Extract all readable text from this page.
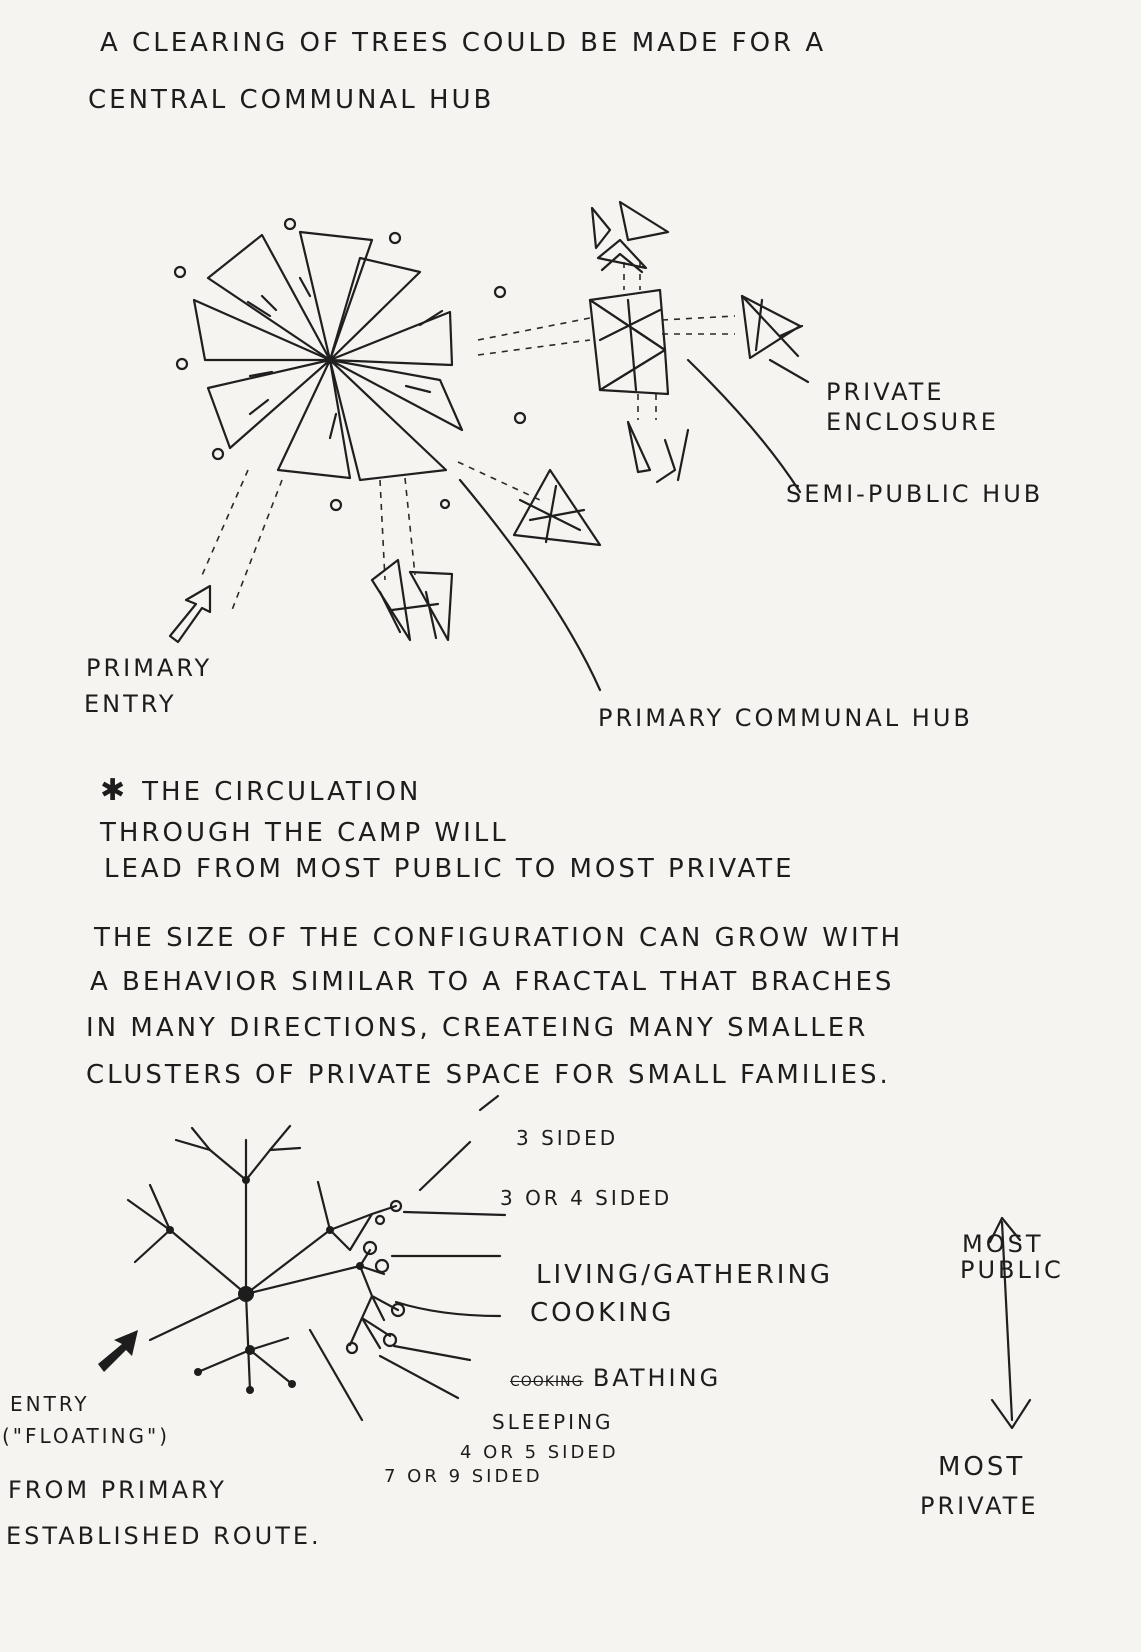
A CLEARING OF TREES COULD BE MADE FOR A
CENTRAL COMMUNAL HUB
PRIVATE
ENCLOSURE
SEMI-PUBLIC HUB
PRIMARY
ENTRY	PRIMARY COMMUNAL HUB
✱ THE CIRCULATION
THROUGH THE CAMP WILL
LEAD FROM MOST PUBLIC TO MOST PRIVATE
THE SIZE OF THE CONFIGURATION CAN GROW WITH
A BEHAVIOR SIMILAR TO A FRACTAL THAT BRACHES
IN MANY DIRECTIONS, CREATEING MANY SMALLER
CLUSTERS OF PRIVATE SPACE FOR SMALL FAMILIES.
3 SIDED
3 OR 4 SIDED
LIVING/GATHERING
COOKING
COOKING BATHING
SLEEPING
4 OR 5 SIDED
7 OR 9 SIDED
ENTRY
("FLOATING")
FROM PRIMARY
ESTABLISHED ROUTE.
MOST
PUBLIC
MOST
PRIVATE
